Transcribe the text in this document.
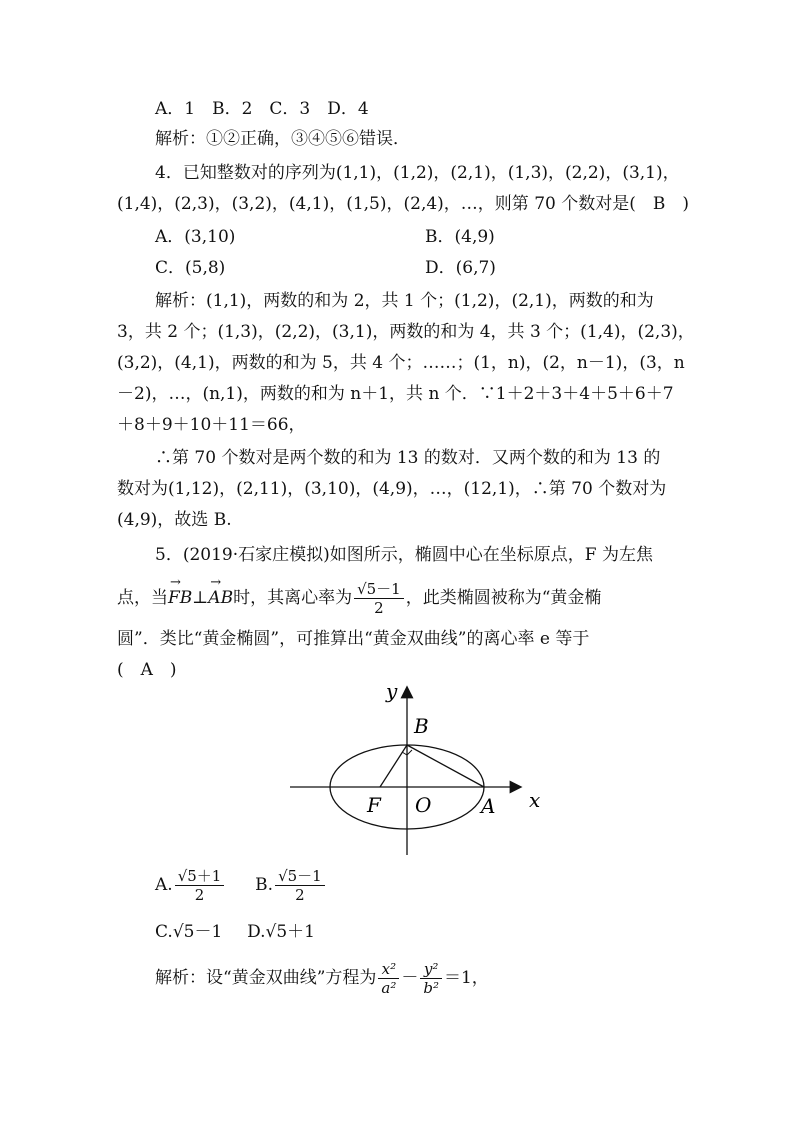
A．1　B．2　C．3　D．4
解析：①②正确，③④⑤⑥错误．
4．已知整数对的序列为(1,1)，(1,2)，(2,1)，(1,3)，(2,2)，(3,1)，
(1,4)，(2,3)，(3,2)，(4,1)，(1,5)，(2,4)，…，则第 70 个数对是(　B　)
A．(3,10)	B．(4,9)
C．(5,8)	D．(6,7)
解析：(1,1)，两数的和为 2，共 1 个；(1,2)，(2,1)，两数的和为
3，共 2 个；(1,3)，(2,2)，(3,1)，两数的和为 4，共 3 个；(1,4)，(2,3)，
(3,2)，(4,1)，两数的和为 5，共 4 个；……；(1，n)，(2，n－1)，(3，n
－2)，…，(n,1)，两数的和为 n＋1，共 n 个．∵1＋2＋3＋4＋5＋6＋7
＋8＋9＋10＋11＝66，
∴第 70 个数对是两个数的和为 13 的数对．又两个数的和为 13 的
数对为(1,12)，(2,11)，(3,10)，(4,9)，…，(12,1)，∴第 70 个数对为
(4,9)，故选 B.
5．(2019·石家庄模拟)如图所示，椭圆中心在坐标原点，F 为左焦
点，当→ FB⊥→ AB时，其离心率为 $\frac{√5-1}{2}$ ，此类椭圆被称为“黄金椭
圆”．类比“黄金椭圆”，可推算出“黄金双曲线”的离心率 e 等于
(　A　)
y
x
B
F O A
A. $\frac{√5+1}{2} B$. $\frac{√5-1}{2}$
C.√5－1 D.√5＋1
解析：设“黄金双曲线”方程为 $\frac{\text{x²}}{\text{a²}} - \frac{\text{y²}}{\text{b²}} =1$，
